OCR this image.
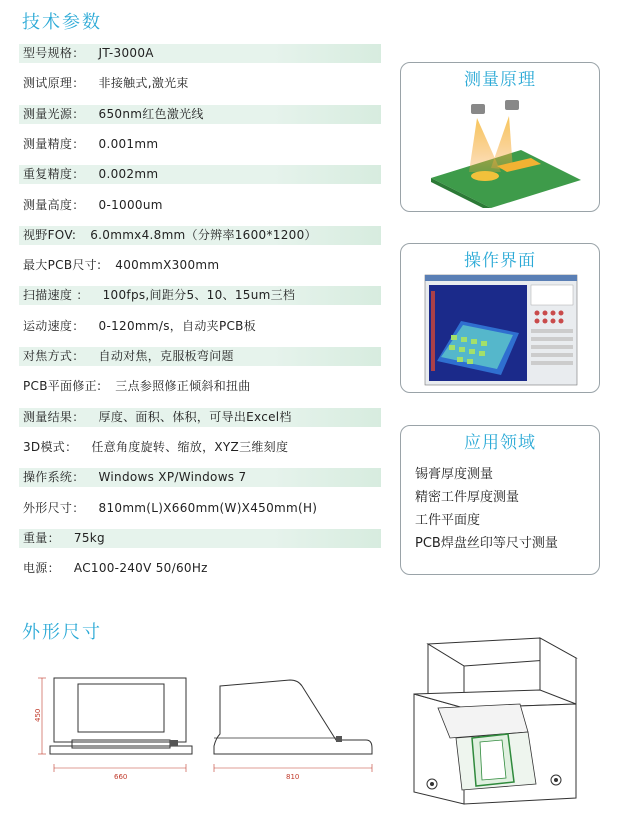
技术参数
型号规格： JT-3000A
测试原理： 非接触式,激光束
测量光源： 650nm红色激光线
测量精度： 0.001mm
重复精度： 0.002mm
测量高度： 0-1000um
视野FOV: 6.0mmx4.8mm（分辨率1600*1200）
最大PCB尺寸: 400mmX300mm
扫描速度 ： 100fps,间距分5、10、15um三档
运动速度： 0-120mm/s，自动夹PCB板
对焦方式： 自动对焦，克服板弯问题
PCB平面修正: 三点参照修正倾斜和扭曲
测量结果： 厚度、面积、体积，可导出Excel档
3D模式： 任意角度旋转、缩放，XYZ三维刻度
操作系统： Windows XP/Windows 7
外形尺寸： 810mm(L)X660mm(W)X450mm(H)
重量： 75kg
电源： AC100-240V 50/60Hz
测量原理
操作界面
应用领域
锡膏厚度测量
精密工件厚度测量
工件平面度
PCB焊盘丝印等尺寸测量
外形尺寸
450
660	810
